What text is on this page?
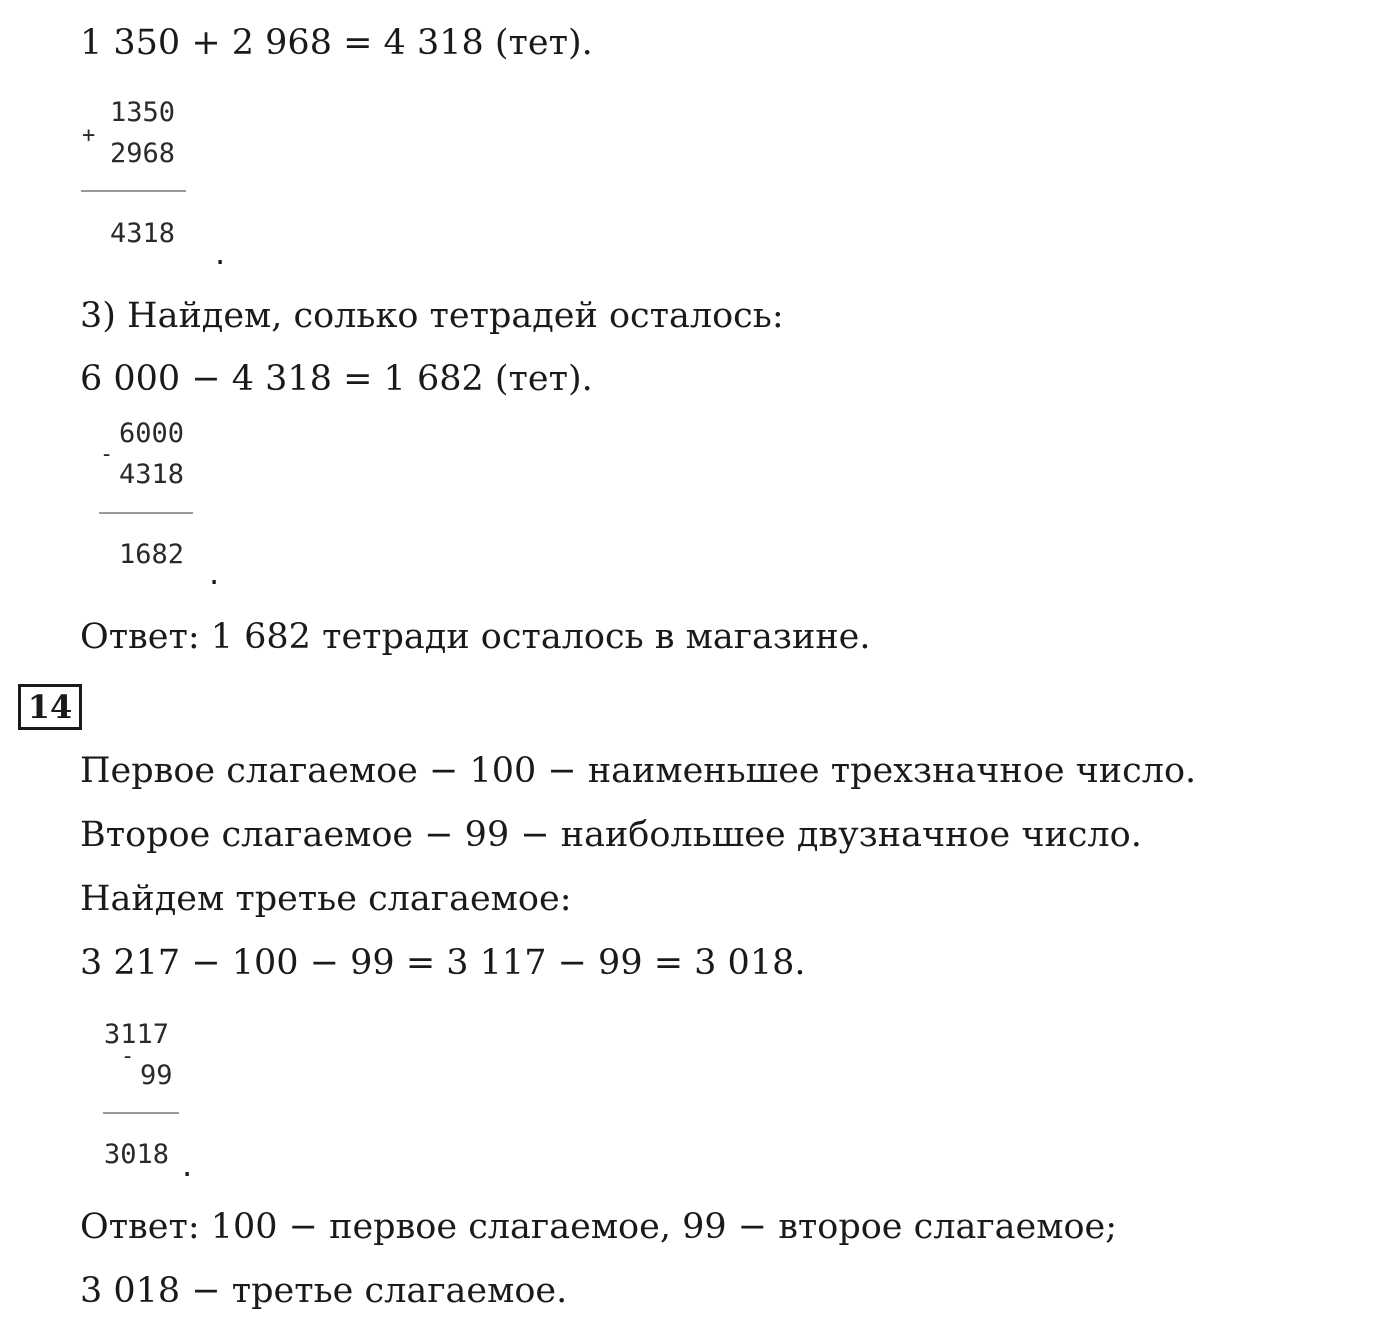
1 350 + 2 968 = 4 318 (тет).
1350
+
2968
4318
.
3) Найдем, солько тетрадей осталось:
6 000 − 4 318 = 1 682 (тет).
6000
-
4318
1682
.
Ответ: 1 682 тетради осталось в магазине.
14
Первое слагаемое − 100 − наименьшее трехзначное число.
Второе слагаемое − 99 − наибольшее двузначное число.
Найдем третье слагаемое:
3 217 − 100 − 99 = 3 117 − 99 = 3 018.
3117
-
99
3018 .
Ответ: 100 − первое слагаемое, 99 − второе слагаемое;
3 018 − третье слагаемое.
